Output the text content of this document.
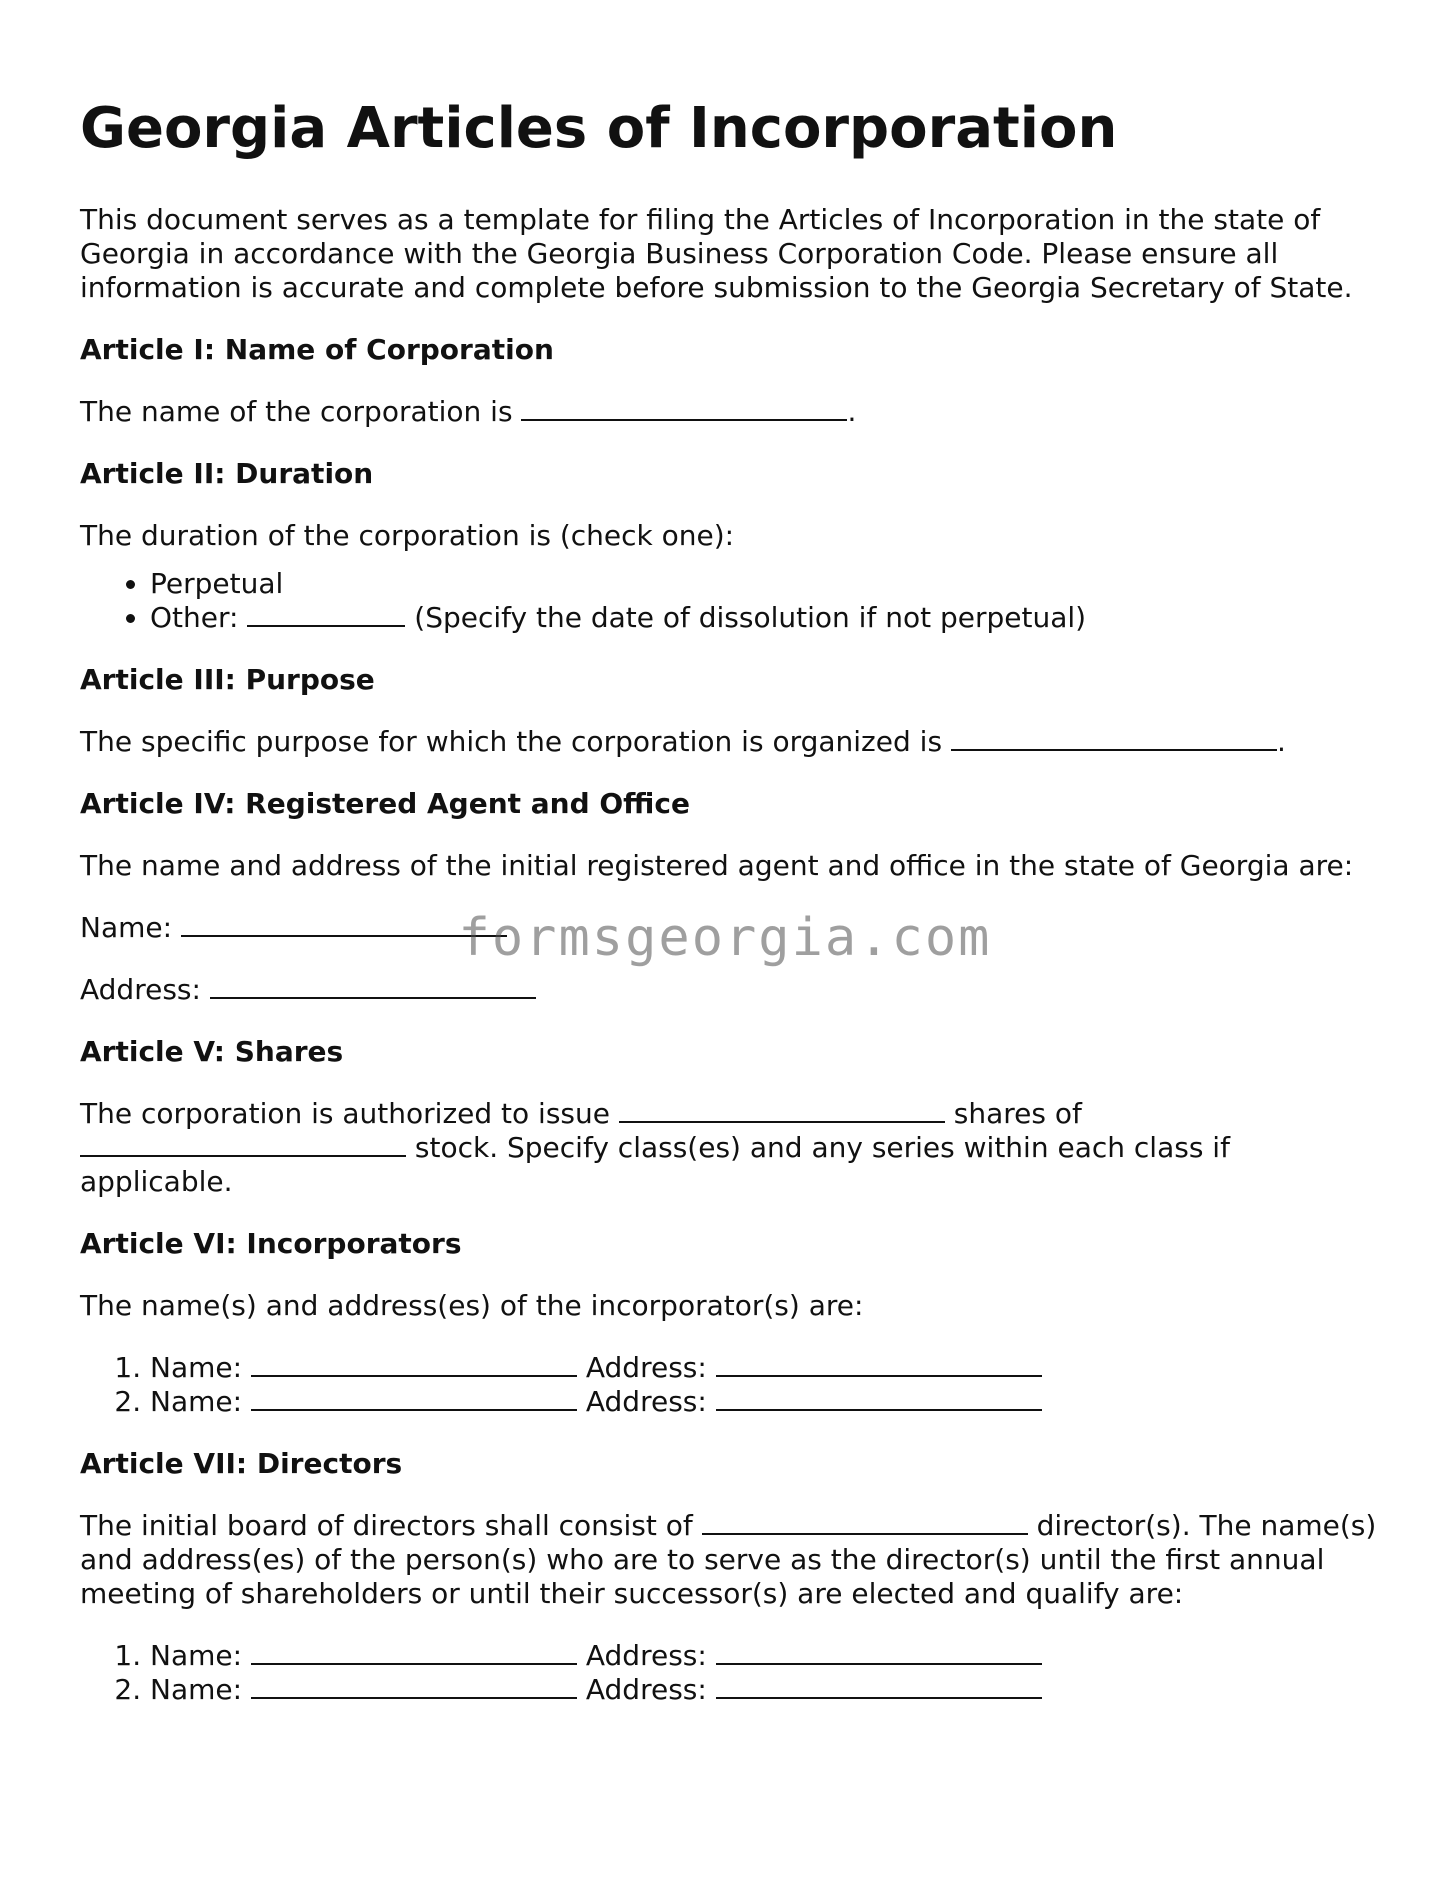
Georgia Articles of Incorporation

This document serves as a template for filing the Articles of Incorporation in the state of Georgia in accordance with the Georgia Business Corporation Code. Please ensure all information is accurate and complete before submission to the Georgia Secretary of State.

Article I: Name of Corporation

The name of the corporation is	.

Article II: Duration

The duration of the corporation is (check one):

• Perpetual
• Other:	(Specify the date of dissolution if not perpetual)
Article III: Purpose

The specific purpose for which the corporation is organized is	.

Article IV: Registered Agent and Office

The name and address of the initial registered agent and office in the state of Georgia are:

Name:

Address:

Article V: Shares

The corporation is authorized to issue	shares of
stock. Specify class(es) and any series within each class if applicable.

Article VI: Incorporators

The name(s) and address(es) of the incorporator(s) are:

1. Name:	Address:
2. Name:	Address:
Article VII: Directors

The initial board of directors shall consist of	director(s). The name(s) and address(es) of the person(s) who are to serve as the director(s) until the first annual meeting of shareholders or until their successor(s) are elected and qualify are:

1. Name:	Address:
2. Name:	Address:
formsgeorgia.com
